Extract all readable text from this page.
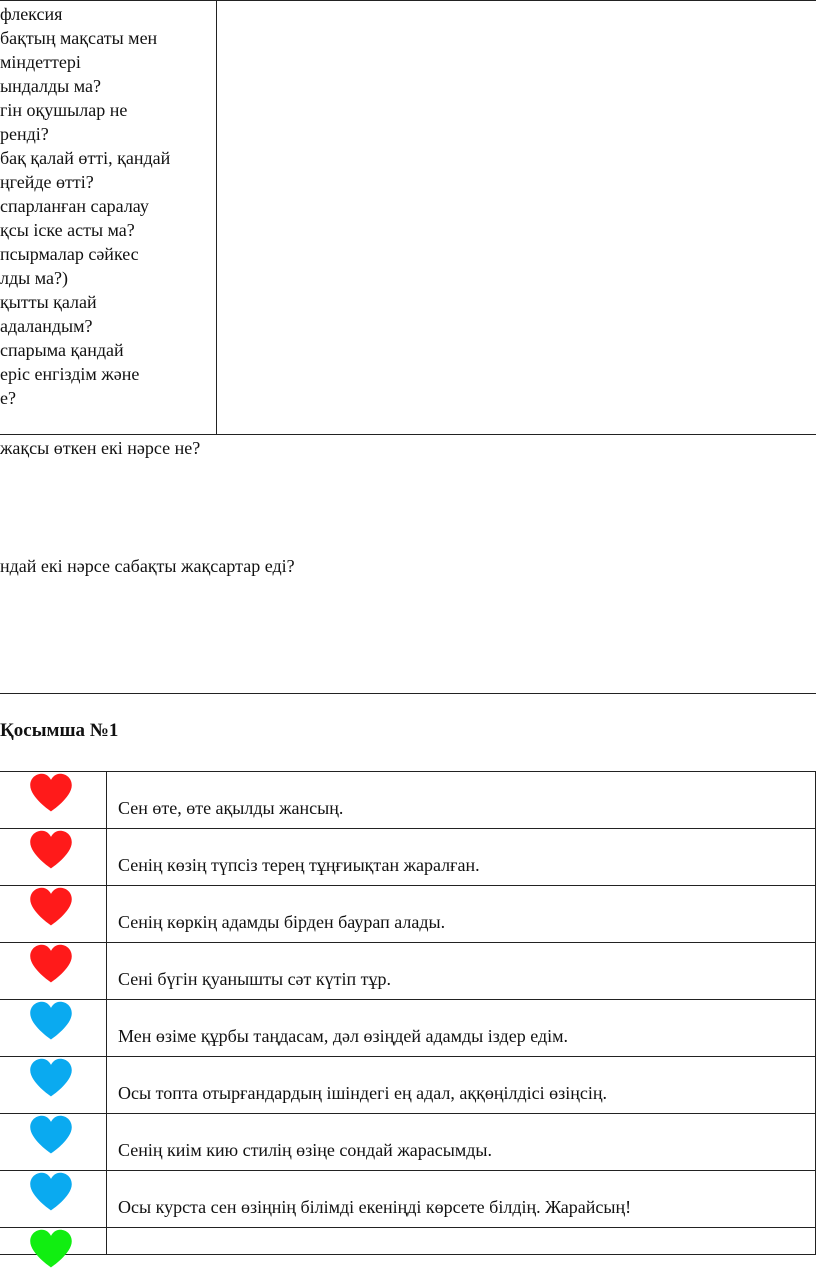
флексия
бақтың мақсаты мен
міндеттері
ындалды ма?
гін оқушылар не
ренді?
бақ қалай өтті, қандай
ңгейде өтті?
спарланған саралау
қсы іске асты ма?
псырмалар сәйкес
лды ма?)
қытты қалай
адаландым?
спарыма қандай
еріс енгіздім және
е?
жақсы өткен екі нәрсе не?
ндай екі нәрсе сабақты жақсартар еді?
Қосымша №1
Сен өте, өте ақылды жансың.
Сенің көзің түпсіз терең тұңғиықтан жаралған.
Сенің көркің адамды бірден баурап алады.
Сені бүгін қуанышты сәт күтіп тұр.
Мен өзіме құрбы таңдасам, дәл өзіңдей адамды іздер едім.
Осы топта отырғандардың ішіндегі ең адал, аққөңілдісі өзіңсің.
Сенің киім кию стилің өзіңе сондай жарасымды.
Осы курста сен өзіңнің білімді екеніңді көрсете білдің. Жарайсың!
